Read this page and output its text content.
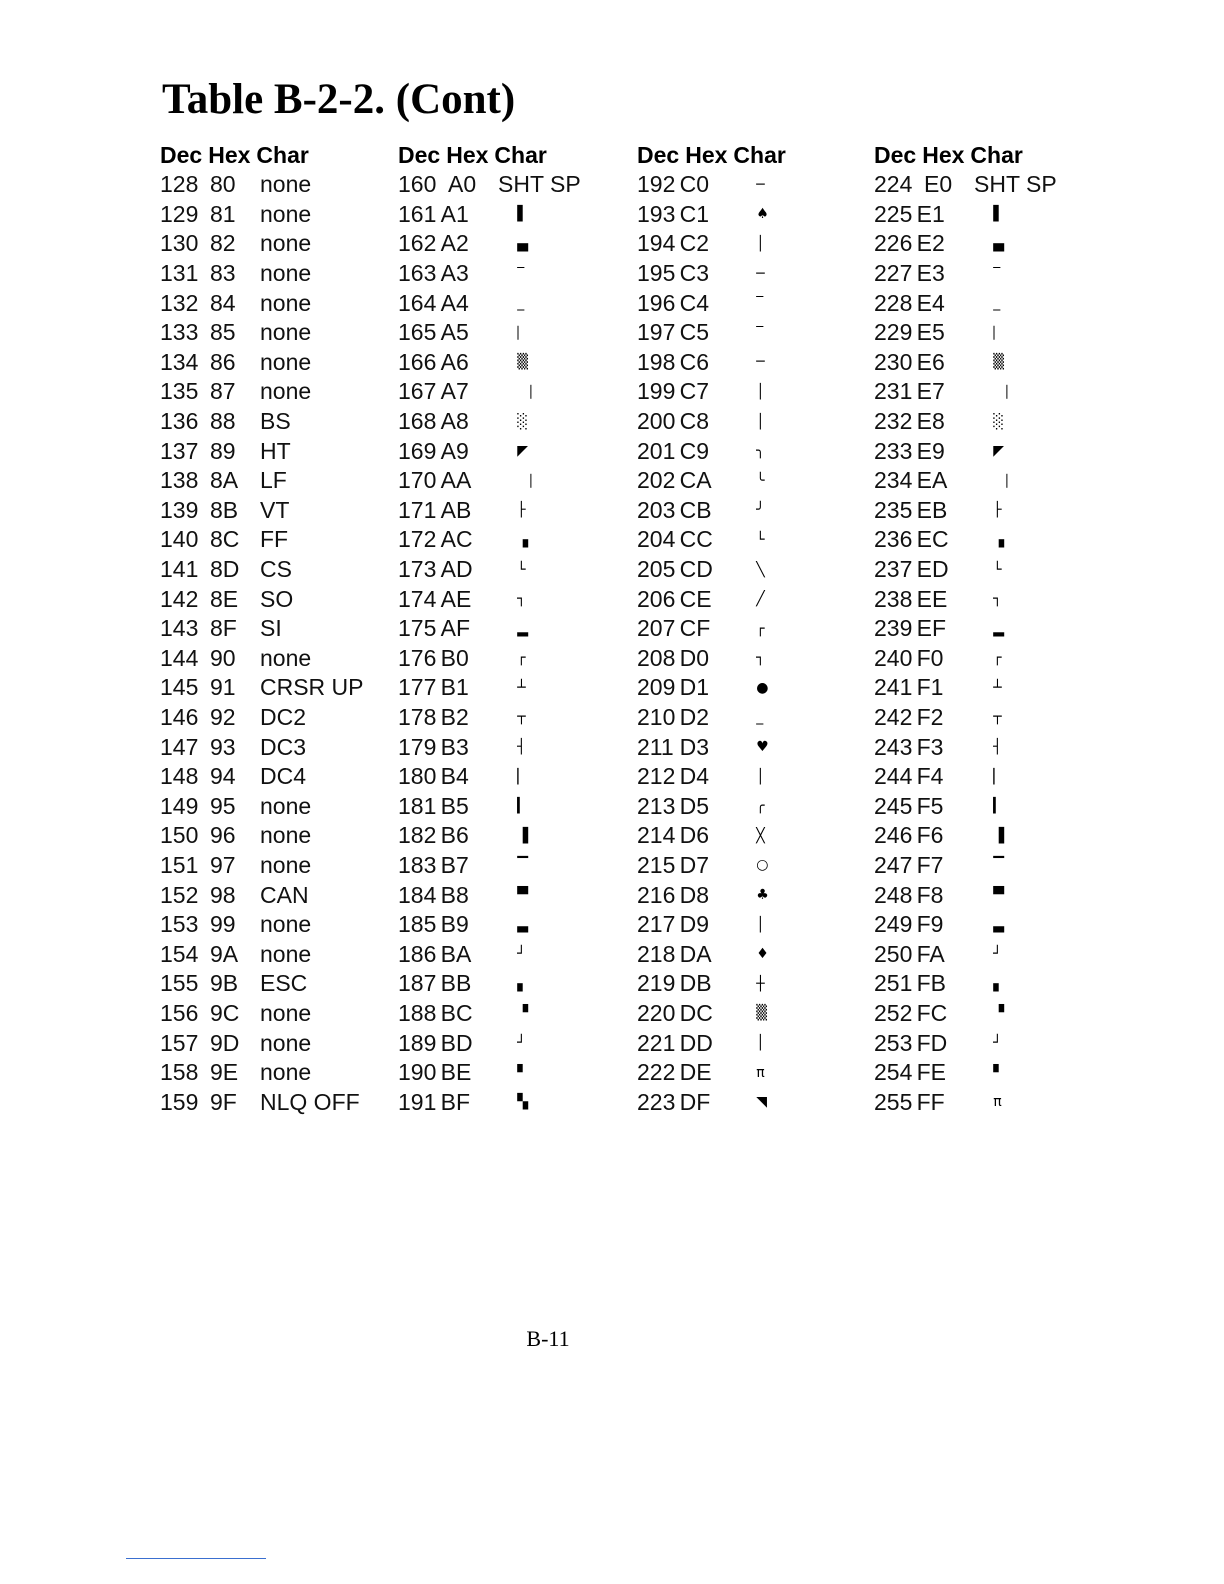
Table B-2-2. (Cont)
Dec Hex Char
128 80	none
129 81	none
130 82	none
131 83	none
132 84	none
133 85	none
134 86	none
135 87	none
136 88	BS
137 89	HT
138 8A LF
139 8B VT
140 8C FF
141 8D CS
142 8E SO
143 8F	SI
144 90	none
145 91	CRSR UP
146 92	DC2
147 93	DC3
148 94	DC4
149 95	none
150 96	none
151 97	none
152 98	CAN
153 99	none
154 9A none
155 9B ESC
156 9C none
157 9D none
158 9E none
159 9F	NLQ OFF
Dec Hex Char
160 A0 SHT SP
161 A1	▌
162 A2	▄
163 A3	‾
164 A4	_
165 A5	⎸
166 A6	▒
167 A7	⎹
168 A8	░
169 A9	◤
170 AA	⎹
171 AB	├
172 AC	▗
173 AD	└
174 AE	┐
175 AF	▂
176 B0	┌
177 B1	┴
178 B2	┬
179 B3	┤
180 B4	▏
181 B5	▎
182 B6	▐
183 B7	▔
184 B8	▀
185 B9	▃
186 BA	┘
187 BB	▖
188 BC	▝
189 BD	┘
190 BE	▘
191 BF	▚
Dec Hex Char
192 C0	─
193 C1	♠
194 C2	│
195 C3	─
196 C4	‾
197 C5	‾
198 C6	─
199 C7	│
200 C8	│
201 C9	╮
202 CA	╰
203 CB	╯
204 CC	└
205 CD	╲
206 CE	╱
207 CF	┌
208 D0	┐
209 D1	●
210 D2	_
211 D3	♥
212 D4	│
213 D5	╭
214 D6	╳
215 D7	○
216 D8	♣
217 D9	│
218 DA	♦
219 DB	┼
220 DC	▒
221 DD	│
222 DE	π
223 DF	◥
Dec Hex Char
224 E0 SHT SP
225 E1	▌
226 E2	▄
227 E3	‾
228 E4	_
229 E5	⎸
230 E6	▒
231 E7	⎹
232 E8	░
233 E9	◤
234 EA	⎹
235 EB	├
236 EC	▗
237 ED	└
238 EE	┐
239 EF	▂
240 F0	┌
241 F1	┴
242 F2	┬
243 F3	┤
244 F4	▏
245 F5	▎
246 F6	▐
247 F7	▔
248 F8	▀
249 F9	▃
250 FA	┘
251 FB	▖
252 FC	▝
253 FD	┘
254 FE	▘
255 FF	π
B-11
